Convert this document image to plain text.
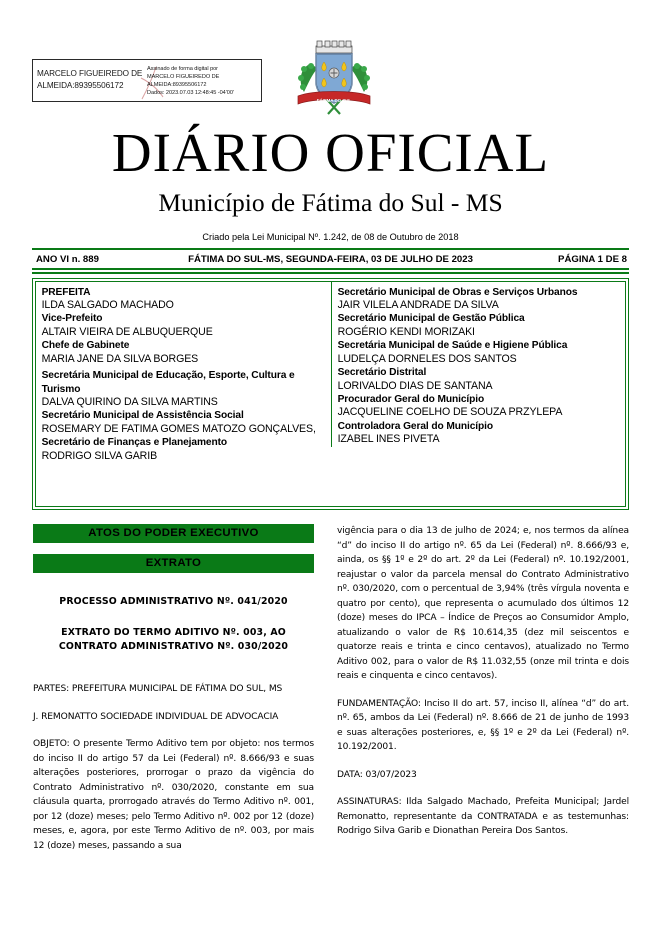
MARCELO FIGUEIREDO DE ALMEIDA:89395506172
Assinado de forma digital por
MARCELO FIGUEIREDO DE
ALMEIDA:89395506172
Dados: 2023.07.03 12:48:45 -04'00'
FÁTIMA DO SUL
DIÁRIO OFICIAL
Município de Fátima do Sul - MS
Criado pela Lei Municipal Nº. 1.242, de 08 de Outubro de 2018
ANO VI n. 889	FÁTIMA DO SUL-MS, SEGUNDA-FEIRA, 03 DE JULHO DE 2023	PÁGINA 1 DE 8
PREFEITA
ILDA SALGADO MACHADO
Vice-Prefeito
ALTAIR VIEIRA DE ALBUQUERQUE
Chefe de Gabinete
MARIA JANE DA SILVA BORGES
Secretária Municipal de Educação, Esporte, Cultura e Turismo
DALVA QUIRINO DA SILVA MARTINS
Secretário Municipal de Assistência Social
ROSEMARY DE FATIMA GOMES MATOZO GONÇALVES,
Secretário de Finanças e Planejamento
RODRIGO SILVA GARIB
Secretário Municipal de Obras e Serviços Urbanos
JAIR VILELA ANDRADE DA SILVA
Secretário Municipal de Gestão Pública
ROGÉRIO KENDI MORIZAKI
Secretária Municipal de Saúde e Higiene Pública
LUDELÇA DORNELES DOS SANTOS
Secretário Distrital
LORIVALDO DIAS DE SANTANA
Procurador Geral do Município
JACQUELINE COELHO DE SOUZA PRZYLEPA
Controladora Geral do Município
IZABEL INES PIVETA
ATOS DO PODER EXECUTIVO
EXTRATO
PROCESSO ADMINISTRATIVO Nº. 041/2020
EXTRATO DO TERMO ADITIVO Nº. 003, AO CONTRATO ADMINISTRATIVO Nº. 030/2020

PARTES: PREFEITURA MUNICIPAL DE FÁTIMA DO SUL, MS

J. REMONATTO SOCIEDADE INDIVIDUAL DE ADVOCACIA

OBJETO: O presente Termo Aditivo tem por objeto: nos termos do inciso II do artigo 57 da Lei (Federal) nº. 8.666/93 e suas alterações posteriores, prorrogar o prazo da vigência do Contrato Administrativo nº. 030/2020, constante em sua cláusula quarta, prorrogado através do Termo Aditivo nº. 001, por 12 (doze) meses; pelo Termo Aditivo nº. 002 por 12 (doze) meses, e, agora, por este Termo Aditivo de nº. 003, por mais 12 (doze) meses, passando a sua

vigência para o dia 13 de julho de 2024; e, nos termos da alínea “d” do inciso II do artigo nº. 65 da Lei (Federal) nº. 8.666/93 e, ainda, os §§ 1º e 2º do art. 2º da Lei (Federal) nº. 10.192/2001, reajustar o valor da parcela mensal do Contrato Administrativo nº. 030/2020, com o percentual de 3,94% (três vírgula noventa e quatro por cento), que representa o acumulado dos últimos 12 (doze) meses do IPCA – Índice de Preços ao Consumidor Amplo, atualizando o valor de R$ 10.614,35 (dez mil seiscentos e quatorze reais e trinta e cinco centavos), atualizado no Termo Aditivo 002, para o valor de R$ 11.032,55 (onze mil trinta e dois reais e cinquenta e cinco centavos).

FUNDAMENTAÇÃO: Inciso II do art. 57, inciso II, alínea “d” do art. nº. 65, ambos da Lei (Federal) nº. 8.666 de 21 de junho de 1993 e suas alterações posteriores, e, §§ 1º e 2º da Lei (Federal) nº. 10.192/2001.

DATA: 03/07/2023

ASSINATURAS: Ilda Salgado Machado, Prefeita Municipal; Jardel Remonatto, representante da CONTRATADA e as testemunhas: Rodrigo Silva Garib e Dionathan Pereira Dos Santos.
